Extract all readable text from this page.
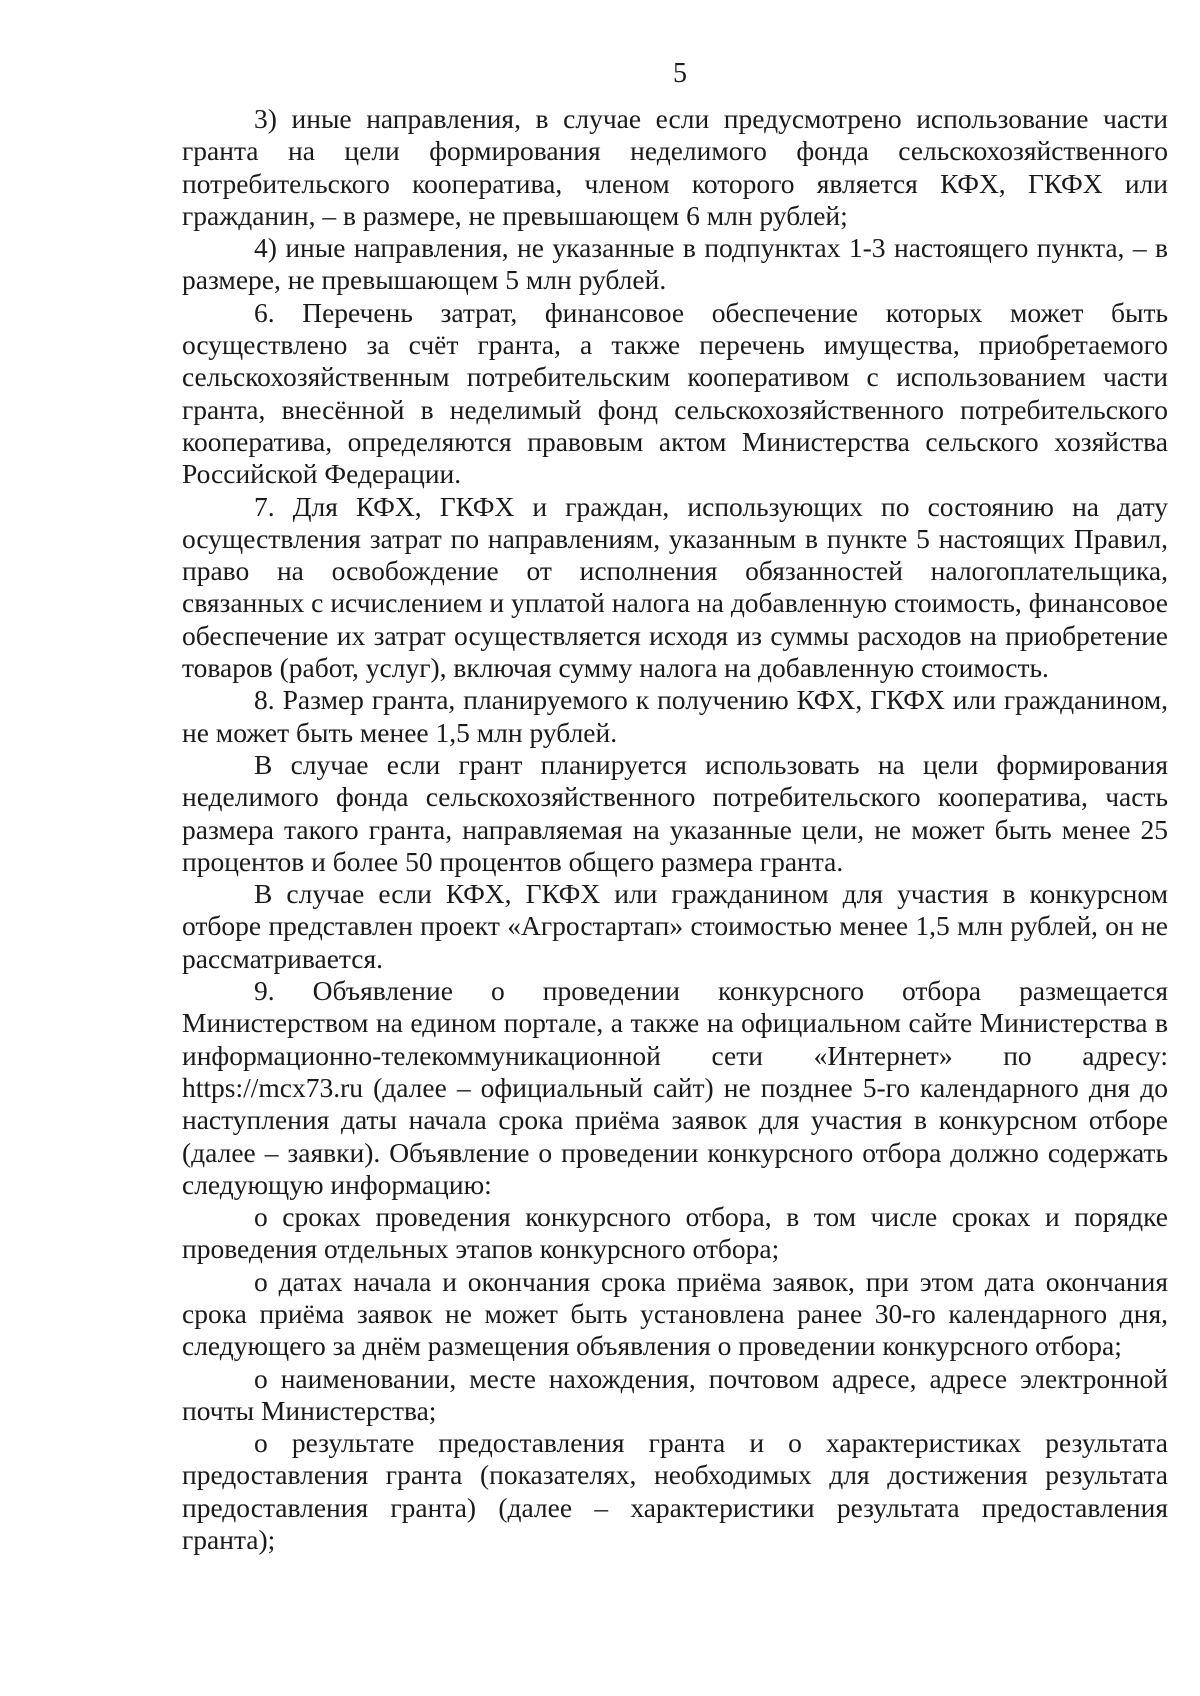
5

3) иные направления, в случае если предусмотрено использование части гранта на цели формирования неделимого фонда сельскохозяйственного потребительского кооператива, членом которого является КФХ, ГКФХ или гражданин, – в размере, не превышающем 6 млн рублей;

4) иные направления, не указанные в подпунктах 1-3 настоящего пункта, – в размере, не превышающем 5 млн рублей.

6. Перечень затрат, финансовое обеспечение которых может быть осуществлено за счёт гранта, а также перечень имущества, приобретаемого сельскохозяйственным потребительским кооперативом с использованием части гранта, внесённой в неделимый фонд сельскохозяйственного потребительского кооператива, определяются правовым актом Министерства сельского хозяйства Российской Федерации.

7. Для КФХ, ГКФХ и граждан, использующих по состоянию на дату осуществления затрат по направлениям, указанным в пункте 5 настоящих Правил, право на освобождение от исполнения обязанностей налогоплательщика, связанных с исчислением и уплатой налога на добавленную стоимость, финансовое обеспечение их затрат осуществляется исходя из суммы расходов на приобретение товаров (работ, услуг), включая сумму налога на добавленную стоимость.

8. Размер гранта, планируемого к получению КФХ, ГКФХ или гражданином, не может быть менее 1,5 млн рублей.

В случае если грант планируется использовать на цели формирования неделимого фонда сельскохозяйственного потребительского кооператива, часть размера такого гранта, направляемая на указанные цели, не может быть менее 25 процентов и более 50 процентов общего размера гранта.

В случае если КФХ, ГКФХ или гражданином для участия в конкурсном отборе представлен проект «Агростартап» стоимостью менее 1,5 млн рублей, он не рассматривается.

9. Объявление о проведении конкурсного отбора размещается Министерством на едином портале, а также на официальном сайте Министерства в информационно-телекоммуникационной сети «Интернет» по адресу: https://mcx73.ru (далее – официальный сайт) не позднее 5-го календарного дня до наступления даты начала срока приёма заявок для участия в конкурсном отборе (далее – заявки). Объявление о проведении конкурсного отбора должно содержать следующую информацию:

о сроках проведения конкурсного отбора, в том числе сроках и порядке проведения отдельных этапов конкурсного отбора;

о датах начала и окончания срока приёма заявок, при этом дата окончания срока приёма заявок не может быть установлена ранее 30-го календарного дня, следующего за днём размещения объявления о проведении конкурсного отбора;

о наименовании, месте нахождения, почтовом адресе, адресе электронной почты Министерства;

о результате предоставления гранта и о характеристиках результата предоставления гранта (показателях, необходимых для достижения результата предоставления гранта) (далее – характеристики результата предоставления гранта);
